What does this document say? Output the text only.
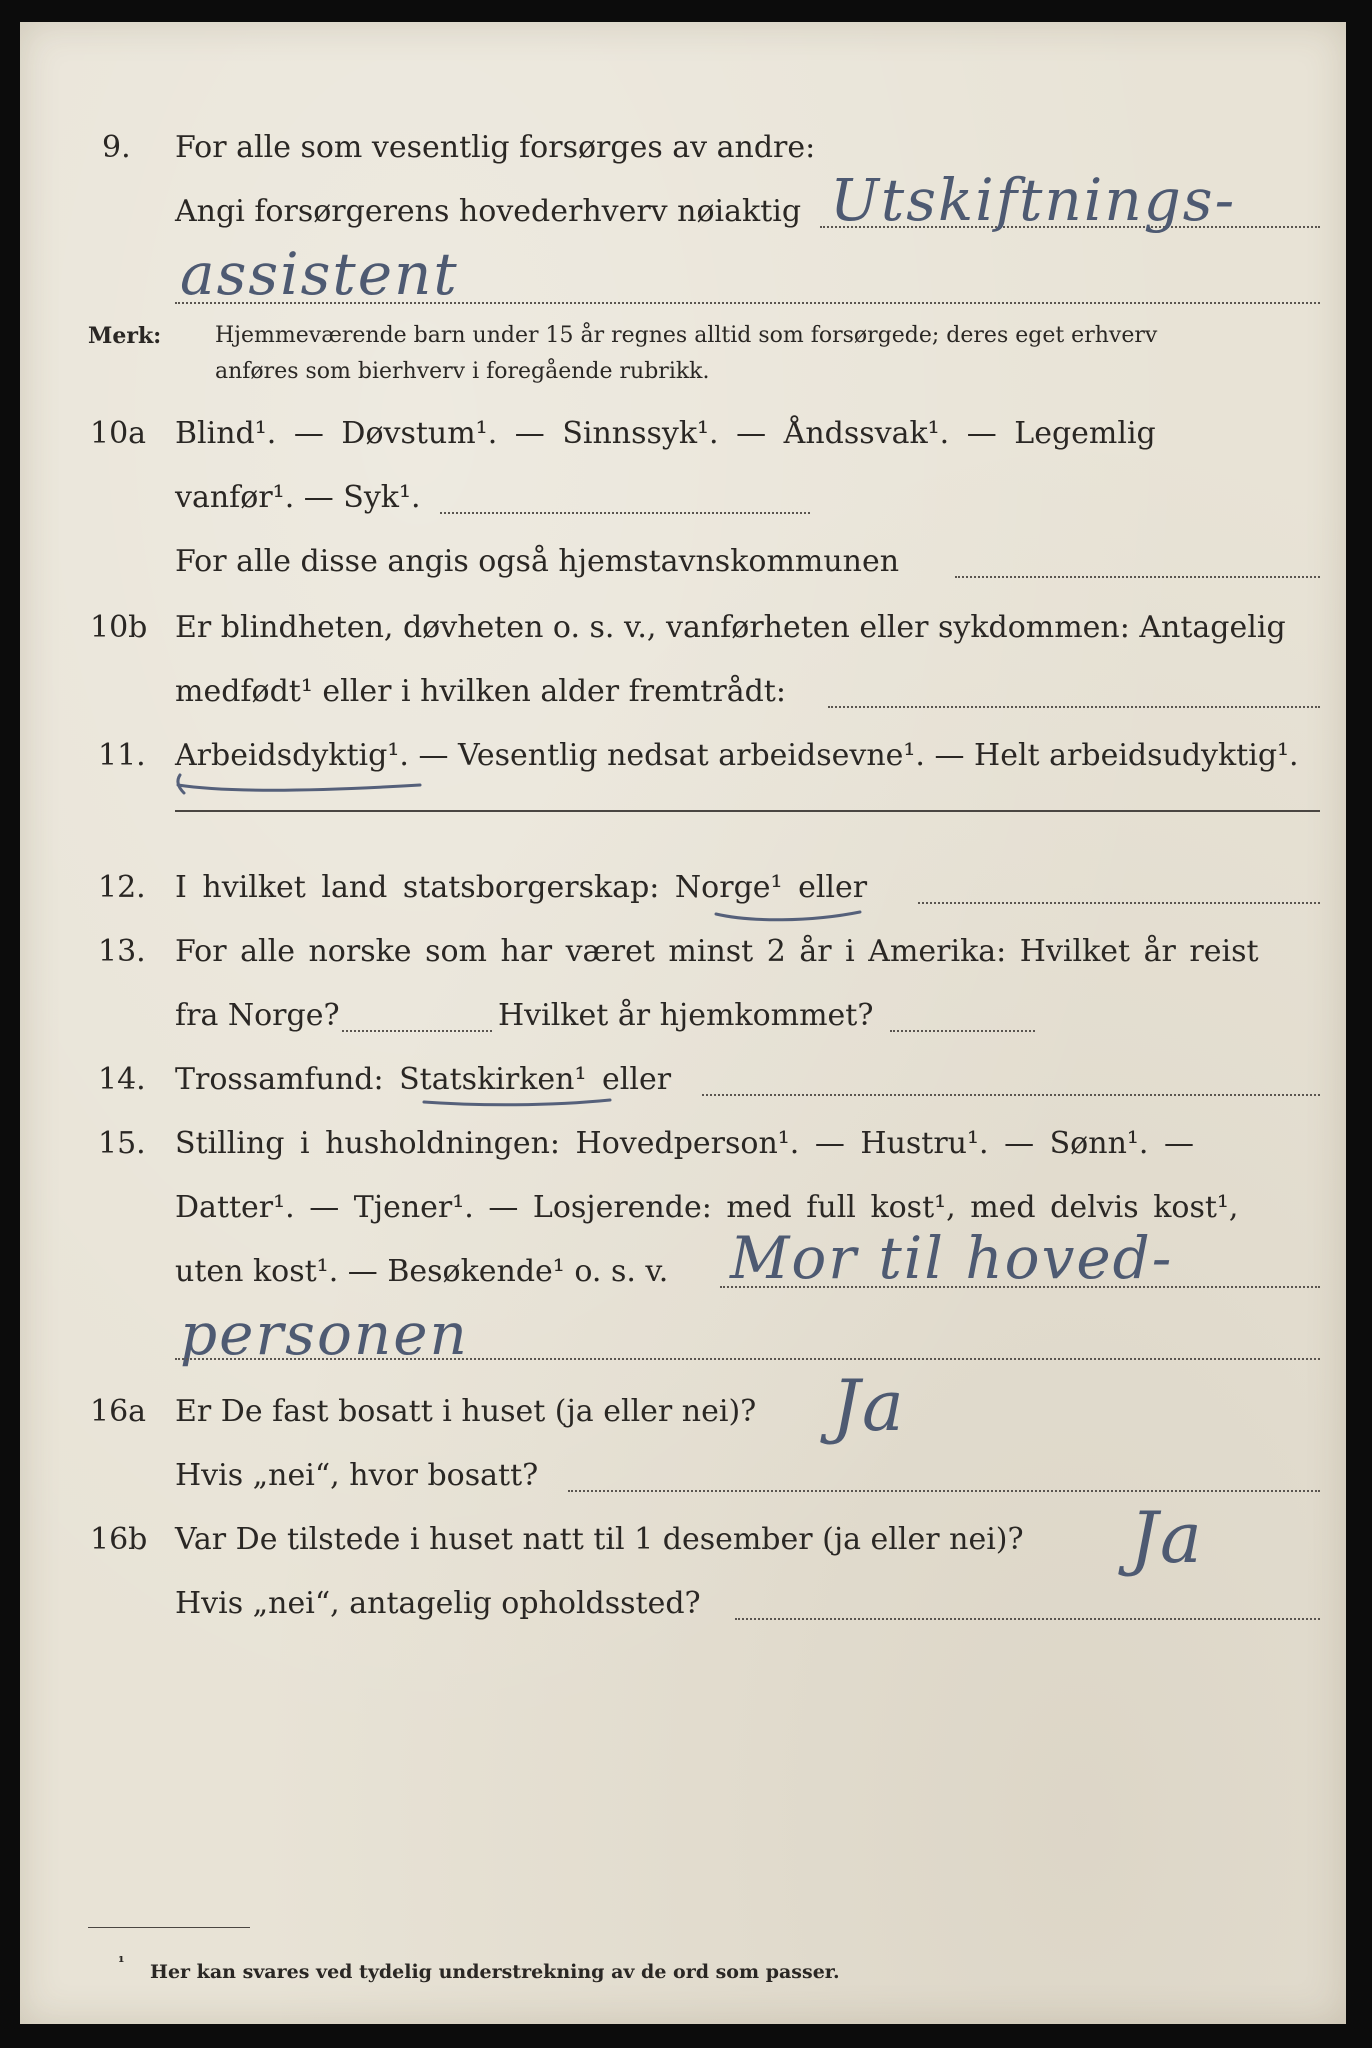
9. For alle som vesentlig forsørges av andre:
Angi forsørgerens hovederhverv nøiaktig Utskiftnings-
assistent
Merk: Hjemmeværende barn under 15 år regnes alltid som forsørgede; deres eget erhverv
anføres som bierhverv i foregående rubrikk.
10a Blind¹. — Døvstum¹. — Sinnssyk¹. — Åndssvak¹. — Legemlig
vanfør¹. — Syk¹.
For alle disse angis også hjemstavnskommunen
10b Er blindheten, døvheten o. s. v., vanførheten eller sykdommen: Antagelig
medfødt¹ eller i hvilken alder fremtrådt:
11. Arbeidsdyktig¹. — Vesentlig nedsat arbeidsevne¹. — Helt arbeidsudyktig¹.
12. I hvilket land statsborgerskap: Norge¹ eller
13. For alle norske som har været minst 2 år i Amerika: Hvilket år reist
fra Norge?	Hvilket år hjemkommet?
14. Trossamfund: Statskirken¹ eller
15. Stilling i husholdningen: Hovedperson¹. — Hustru¹. — Sønn¹. —
Datter¹. — Tjener¹. — Losjerende: med full kost¹, med delvis kost¹,
uten kost¹. — Besøkende¹ o. s. v. Mor til hoved-
personen
16a Er De fast bosatt i huset (ja eller nei)? Ja
Hvis „nei“, hvor bosatt?
16b Var De tilstede i huset natt til 1 desember (ja eller nei)? Ja
Hvis „nei“, antagelig opholdssted?
¹ Her kan svares ved tydelig understrekning av de ord som passer.
